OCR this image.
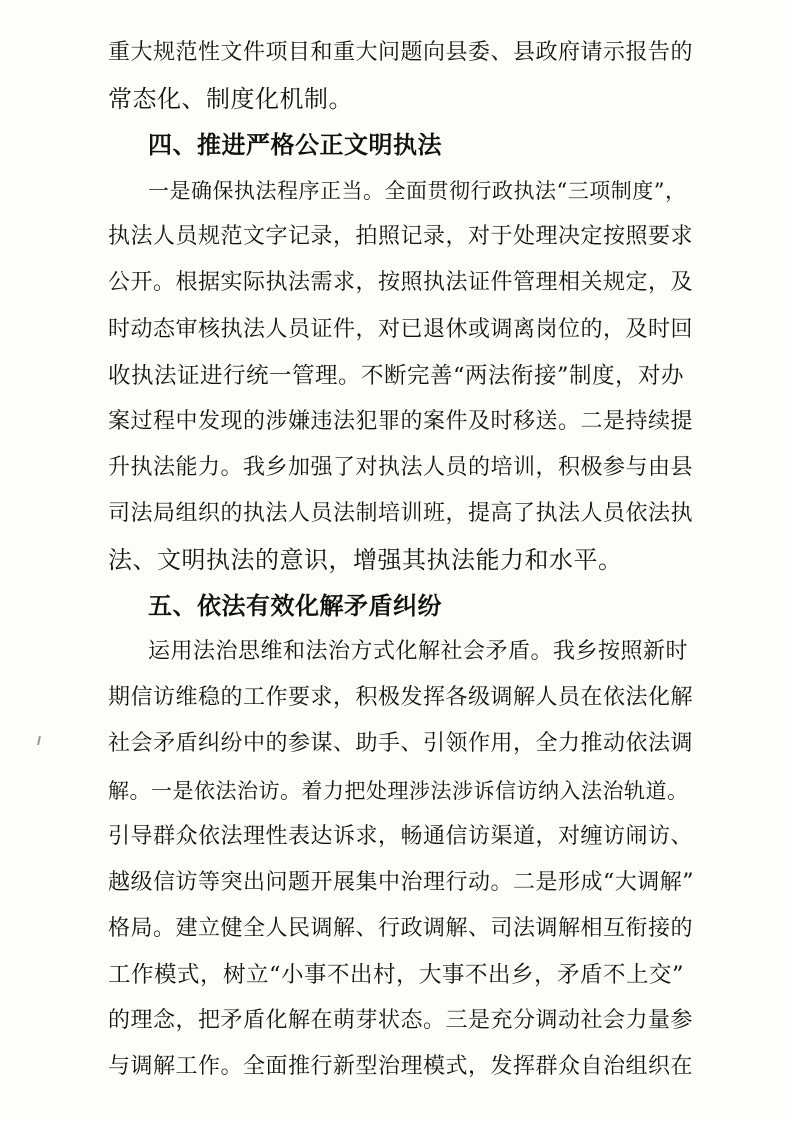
重大规范性文件项目和重大问题向县委、县政府请示报告的
常态化、制度化机制。
四、推进严格公正文明执法
一是确保执法程序正当。全面贯彻行政执法“三项制度”，
执法人员规范文字记录，拍照记录，对于处理决定按照要求
公开。根据实际执法需求，按照执法证件管理相关规定，及
时动态审核执法人员证件，对已退休或调离岗位的，及时回
收执法证进行统一管理。不断完善“两法衔接”制度，对办
案过程中发现的涉嫌违法犯罪的案件及时移送。二是持续提
升执法能力。我乡加强了对执法人员的培训，积极参与由县
司法局组织的执法人员法制培训班，提高了执法人员依法执
法、文明执法的意识，增强其执法能力和水平。
五、依法有效化解矛盾纠纷
运用法治思维和法治方式化解社会矛盾。我乡按照新时
期信访维稳的工作要求，积极发挥各级调解人员在依法化解
社会矛盾纠纷中的参谋、助手、引领作用，全力推动依法调
解。一是依法治访。着力把处理涉法涉诉信访纳入法治轨道。
引导群众依法理性表达诉求，畅通信访渠道，对缠访闹访、
越级信访等突出问题开展集中治理行动。二是形成“大调解”
格局。建立健全人民调解、行政调解、司法调解相互衔接的
工作模式，树立“小事不出村，大事不出乡，矛盾不上交”
的理念，把矛盾化解在萌芽状态。三是充分调动社会力量参
与调解工作。全面推行新型治理模式，发挥群众自治组织在
